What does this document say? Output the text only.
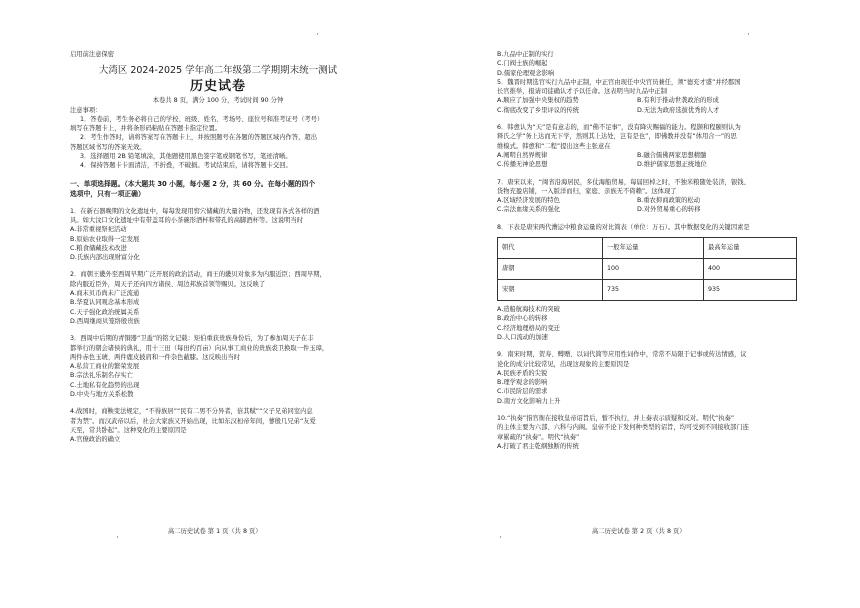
·	·
·	·
启用前注意保密
大湾区 2024-2025 学年高二年级第二学期期末统一测试
历史试卷
本卷共 8 页，满分 100 分，考试时间 90 分钟
注意事项：
1．答卷前，考生务必将自己的学校、班级、姓名、考场号、座位号和准考证号（考号）
填写在答题卡上，并将条形码粘贴在答题卡指定位置。
2．考生作答时，请将答案写在答题卡上，并按照题号在各题的答题区域内作答，超出
答题区域书写的答案无效。
3．选择题用 2B 铅笔填涂，其他题使用黑色签字笔或钢笔书写，笔迹清晰。
4．保持答题卡卡面清洁，不折叠，不破损。考试结束后，请将答题卡交回。
一、单项选择题。（本大题共 30 小题，每小题 2 分，共 60 分。在每小题的四个
选项中，只有一项正确）
1．在新石器晚期的文化遗址中，每每发现用窖穴储藏的大量谷物，还发现有各式各样的酒
具。如大汶口文化遗址中有带盖耳的小茶碗形酒杯和带孔的高脚酒杯等。这说明当时
A.非常重视祭祀活动
B.原始农业取得一定发展
C.粮食储藏技术改进
D.氏族内部出现财富分化
2．商朝王畿外至西周早期广泛开展的政治活动，商王的畿贝对象多为内服近臣；西周早期，
除内服近臣外，周天子还向四方诸侯、周边邦族首领等赐贝。这反映了
A.商末贝币尚未广泛流通
B.华夏认同观念基本形成
C.天子强化政治统属关系
D.西周继商贝笼络殷贵族
3．西周中后期的青铜器“卫盉”的铭文记载：矩伯重获贵族身份后，为了参加周天子在丰
都举行的朝会诸侯的典礼，用十三田（每田约百亩）向从事工商业的贵族裘卫换取一件玉璋，
两件赤色玉琥、两件鹿皮披肩和一件杂色蔽膝。这反映出当时
A.私营工商业的繁荣发展
B.宗法礼乐制名存实亡
C.土地私有化趋势的出现
D.中央与地方关系松散
4.战国时，商鞅变法规定，“不得族居”“民有二男不分异者，倍其赋”“父子兄弟同室内息
者为禁”。而汉武帝以后，社会大家族又开始出现，比如东汉桓帝年间，蓼殷几兄弟“友爱
天至，常共卧起”。这种变化的主要原因是
A.官僚政治的确立
高二历史试卷 第 1 页（共 8 页）
B.九品中正制的实行
C.门阀士族的崛起
D.儒家伦理观念影响
5．魏晋时期选官实行九品中正制，中正官由现任中央官员兼任，须“德充才盛”并经郡国
长官推举，报请司徒确认才予以任命。这表明当时九品中正制
A.顺应了加强中央集权的趋势	B.有利于推动世袭政治的形成
C.彻底改变了乡里评议的传统	D.无法为政府选拔优秀的人才
6．韩愈认为“天”是有意志的，而“佛不足事”，没有降灾赐福的能力。程颢和程颐则认为
释氏之学“务上达而无下学，然则其上达处，岂有是也”，即佛教并没有“体用合一”的思
维模式。韩愈和“二程”提出这些主张意在
A.阐明自然界规律	B.融合儒佛两家思想精髓
C.传播无神论思想	D.维护儒家思想正统地位
7．唐宋以来，“闽省沿海居民，多仗海船贸易，每届回棹之时，不独米粮随处装济，银钱、
货物充盈店铺，一入版洋而归，家庭、亲族无不倚赖”。这体现了
A.区域经济发展的特色	B.重农抑商政策的松动
C.宗法血缘关系的强化	D.对外贸易重心的转移
8．下表是唐宋两代漕运中粮食运量的对比简表（单位：万石）。其中数据变化的关键因素是
朝代	一般年运量	最高年运量
唐朝	100	400
宋朝	735	935
A.造船航海技术的突破
B.政治中心的转移
C.经济地理格局的变迁
D.人口流动的加速
9．南宋时期，贺寿、赙赠、以词代简等应用性词作中，常常不局限于记事或传达情感，议
论化的成分比较常见，出现这现象的主要原因是
A.民族矛盾的尖锐
B.理学观念的影响
C.市民阶层的需求
D.南方文化影响力上升
10.“执奏”指官衙在接收皇帝诏旨后，暂不执行，并上奏表示质疑和反对。明代“执奏”
的主体主要为六部、六科与内阁。皇帝不论下发何种类型的诏旨，均可受到不同接收部门连
章累疏的“执奏”。明代“执奏”
A.打破了君主乾纲独断的传统
高二历史试卷 第 2 页（共 8 页）
